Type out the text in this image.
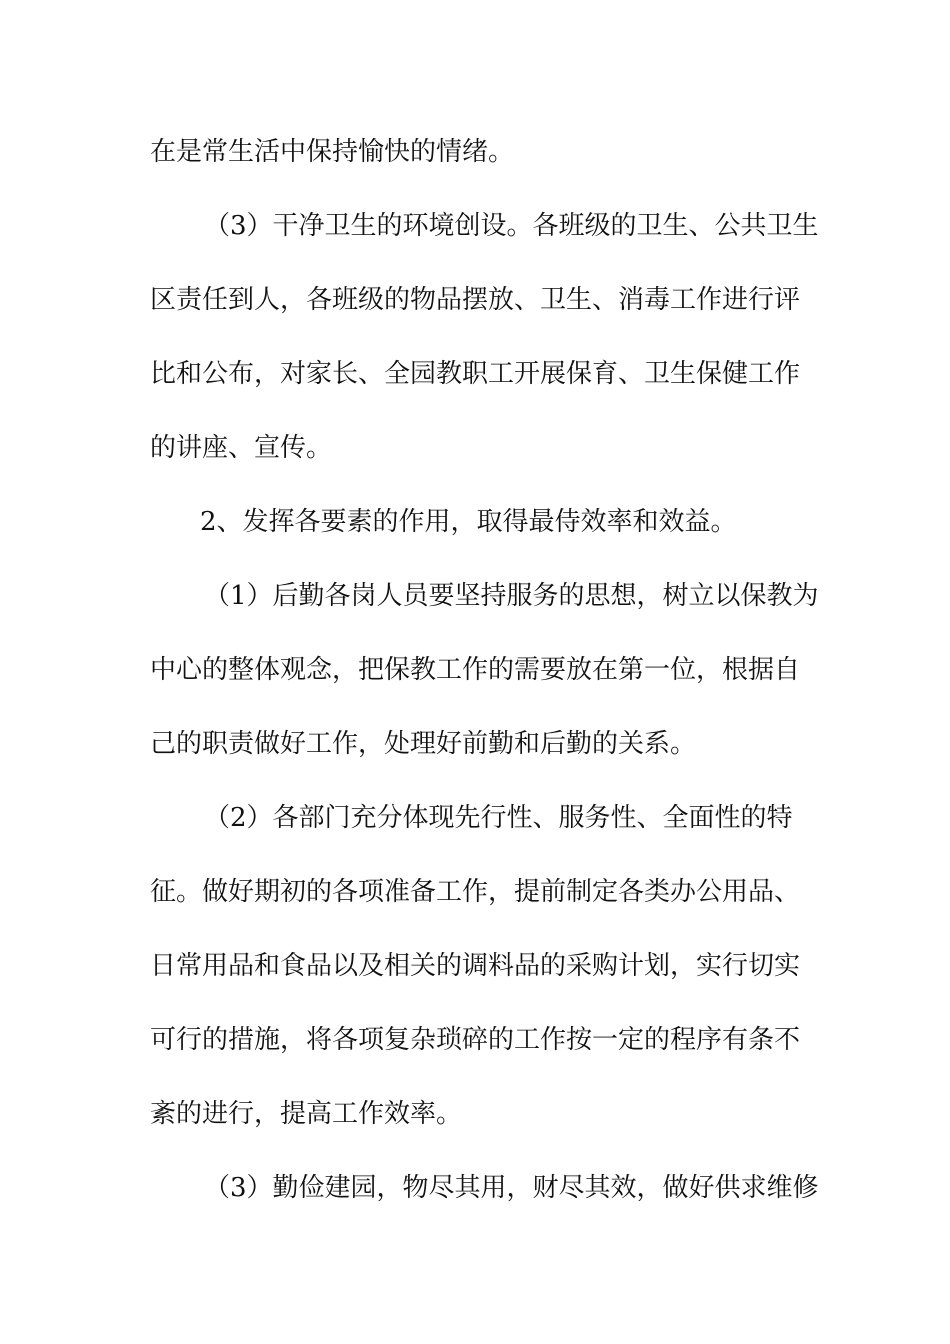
在是常生活中保持愉快的情绪。
（3）干净卫生的环境创设。各班级的卫生、公共卫生
区责任到人，各班级的物品摆放、卫生、消毒工作进行评
比和公布，对家长、全园教职工开展保育、卫生保健工作
的讲座、宣传。
2、发挥各要素的作用，取得最侍效率和效益。
（1）后勤各岗人员要坚持服务的思想，树立以保教为
中心的整体观念，把保教工作的需要放在第一位，根据自
己的职责做好工作，处理好前勤和后勤的关系。
（2）各部门充分体现先行性、服务性、全面性的特
征。做好期初的各项准备工作，提前制定各类办公用品、
日常用品和食品以及相关的调料品的采购计划，实行切实
可行的措施，将各项复杂琐碎的工作按一定的程序有条不
紊的进行，提高工作效率。
（3）勤俭建园，物尽其用，财尽其效，做好供求维修
